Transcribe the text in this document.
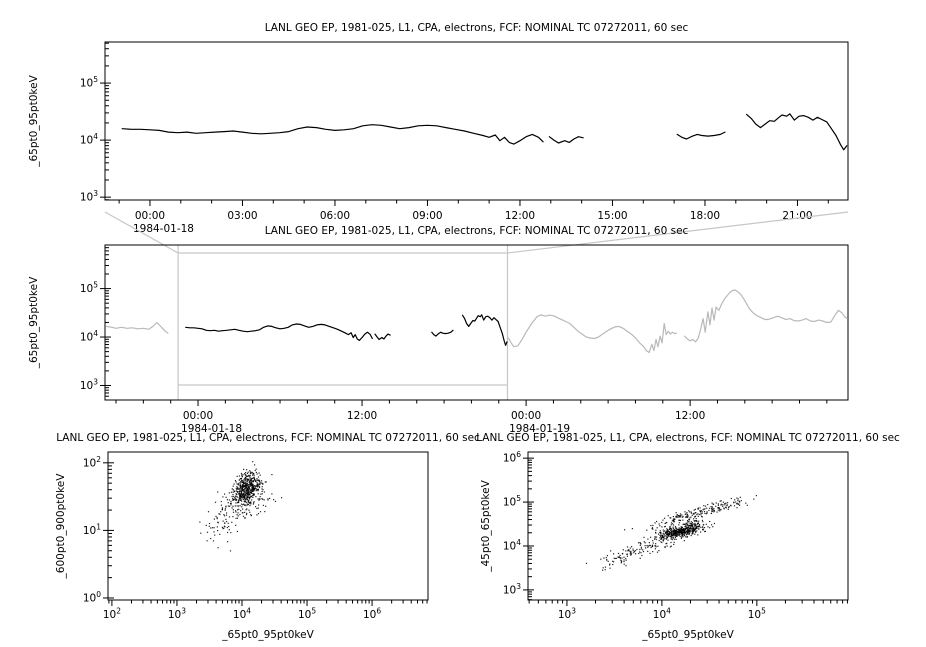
$10^3$
$10^4$
$10^5$
00:00
1984-01-18
03:00	06:00	09:00	12:00	15:00	18:00	21:00
_65pt0_95pt0keV
LANL GEO EP, 1981-025, L1, CPA, electrons, FCF: NOMINAL TC 07272011, 60 sec
$10^3$
$10^4$
$10^5$
00:00
1984-01-18
12:00	00:00
1984-01-19
12:00
_65pt0_95pt0keV
LANL GEO EP, 1981-025, L1, CPA, electrons, FCF: NOMINAL TC 07272011, 60 sec
$10^0$
$10^1$
$10^2$
$10^2$	$10^3$	$10^4$	$10^5$	$10^6$
_65pt0_95pt0keV
_600pt0_900pt0keV
LANL GEO EP, 1981-025, L1, CPA, electrons, FCF: NOMINAL TC 07272011, 60 sec
$10^3$
$10^4$
$10^5$
$10^6$
$10^3$	$10^4$	$10^5$
_65pt0_95pt0keV
_45pt0_65pt0keV
LANL GEO EP, 1981-025, L1, CPA, electrons, FCF: NOMINAL TC 07272011, 60 sec
